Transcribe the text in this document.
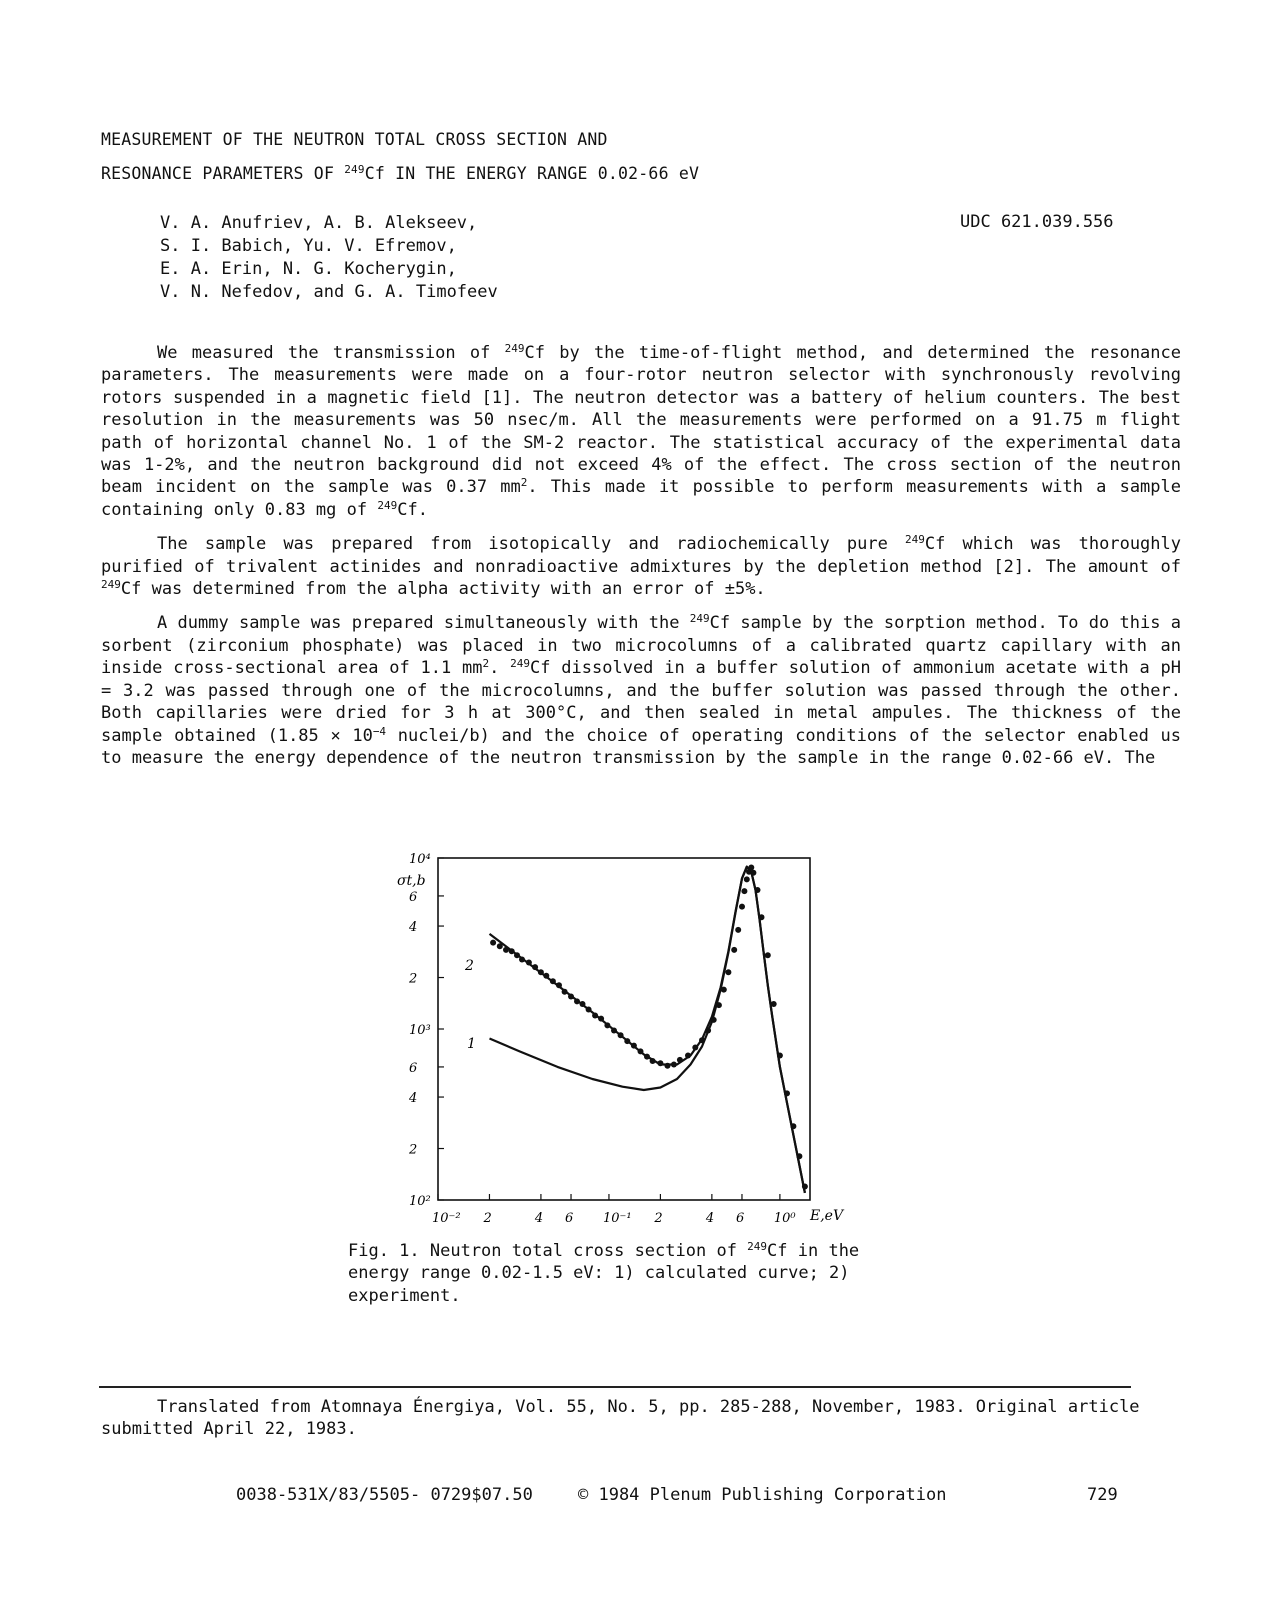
MEASUREMENT OF THE NEUTRON TOTAL CROSS SECTION AND
RESONANCE PARAMETERS OF $^{249}$Cf IN THE ENERGY RANGE 0.02-66 eV
V. A. Anufriev, A. B. Alekseev,
S. I. Babich, Yu. V. Efremov,
E. A. Erin, N. G. Kocherygin,
V. N. Nefedov, and G. A. Timofeev
UDC 621.039.556

We measured the transmission of $^{249}$Cf by the time-of-flight method, and determined the resonance parameters. The measurements were made on a four-rotor neutron selector with synchronously revolving rotors suspended in a magnetic field [1]. The neutron detector was a battery of helium counters. The best resolution in the measurements was 50 nsec/m. All the measurements were performed on a 91.75 m flight path of horizontal channel No. 1 of the SM-2 reactor. The statistical accuracy of the experimental data was 1-2%, and the neutron background did not exceed 4% of the effect. The cross section of the neutron beam incident on the sample was 0.37 $mm^2$. This made it possible to perform measurements with a sample containing only 0.83 mg of $^{249}$Cf.

The sample was prepared from isotopically and radiochemically pure $^{249}$Cf which was thoroughly purified of trivalent actinides and nonradioactive admixtures by the depletion method [2]. The amount of $^{249}$Cf was determined from the alpha activity with an error of ±5%.

A dummy sample was prepared simultaneously with the $^{249}$Cf sample by the sorption method. To do this a sorbent (zirconium phosphate) was placed in two microcolumns of a calibrated quartz capillary with an inside cross-sectional area of 1.1 $mm^2$. $^{249}$Cf dissolved in a buffer solution of ammonium acetate with a pH = 3.2 was passed through one of the microcolumns, and the buffer solution was passed through the other. Both capillaries were dried for 3 h at 300°C, and then sealed in metal ampules. The thickness of the sample obtained ($1.85 \times 10^{-4}$ nuclei/b) and the choice of operating conditions of the selector enabled us to measure the energy dependence of the neutron transmission by the sample in the range 0.02-66 eV. The

10⁻² 2	4 6 10⁻¹ 2	4 6 10⁰
10²
2
4
6
10³
2
4
6
10⁴
σt,b
E,eV
1
2
Fig. 1. Neutron total cross section of $^{249}$Cf in the energy range 0.02-1.5 eV: 1) calculated curve; 2) experiment.
Translated from Atomnaya Énergiya, Vol. 55, No. 5, pp. 285-288, November, 1983. Original article submitted April 22, 1983.
0038-531X/83/5505- 0729$07.50	© 1984 Plenum Publishing Corporation	729
